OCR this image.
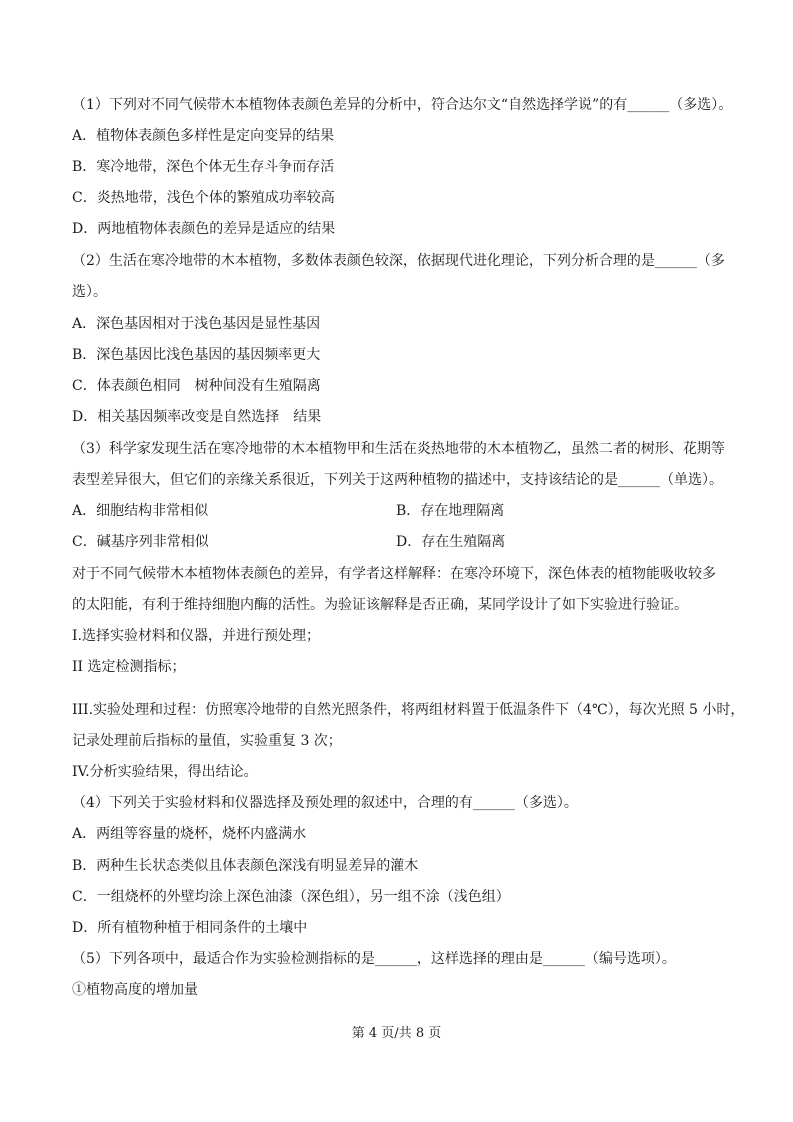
（1）下列对不同气候带木本植物体表颜色差异的分析中，符合达尔文“自然选择学说”的有______（多选）。
A．植物体表颜色多样性是定向变异的结果
B．寒冷地带，深色个体无生存斗争而存活
C．炎热地带，浅色个体的繁殖成功率较高
D．两地植物体表颜色的差异是适应的结果
（2）生活在寒冷地带的木本植物，多数体表颜色较深，依据现代进化理论，下列分析合理的是______（多
选）。
A．深色基因相对于浅色基因是显性基因
B．深色基因比浅色基因的基因频率更大
C．体表颜色相同　树种间没有生殖隔离
D．相关基因频率改变是自然选择　结果
（3）科学家发现生活在寒冷地带的木本植物甲和生活在炎热地带的木本植物乙，虽然二者的树形、花期等
表型差异很大，但它们的亲缘关系很近，下列关于这两种植物的描述中，支持该结论的是______（单选）。
A．细胞结构非常相似	B．存在地理隔离
C．碱基序列非常相似	D．存在生殖隔离
对于不同气候带木本植物体表颜色的差异，有学者这样解释：在寒冷环境下，深色体表的植物能吸收较多
的太阳能，有利于维持细胞内酶的活性。为验证该解释是否正确，某同学设计了如下实验进行验证。
I.选择实验材料和仪器，并进行预处理；
II 选定检测指标；
III.实验处理和过程：仿照寒冷地带的自然光照条件，将两组材料置于低温条件下（4℃），每次光照 5 小时，
记录处理前后指标的量值，实验重复 3 次；
IV.分析实验结果，得出结论。
（4）下列关于实验材料和仪器选择及预处理的叙述中，合理的有______（多选）。
A．两组等容量的烧杯，烧杯内盛满水
B．两种生长状态类似且体表颜色深浅有明显差异的灌木
C．一组烧杯的外壁均涂上深色油漆（深色组），另一组不涂（浅色组）
D．所有植物种植于相同条件的土壤中
（5）下列各项中，最适合作为实验检测指标的是______，这样选择的理由是______（编号选项）。
①植物高度的增加量
第 4 页/共 8 页
